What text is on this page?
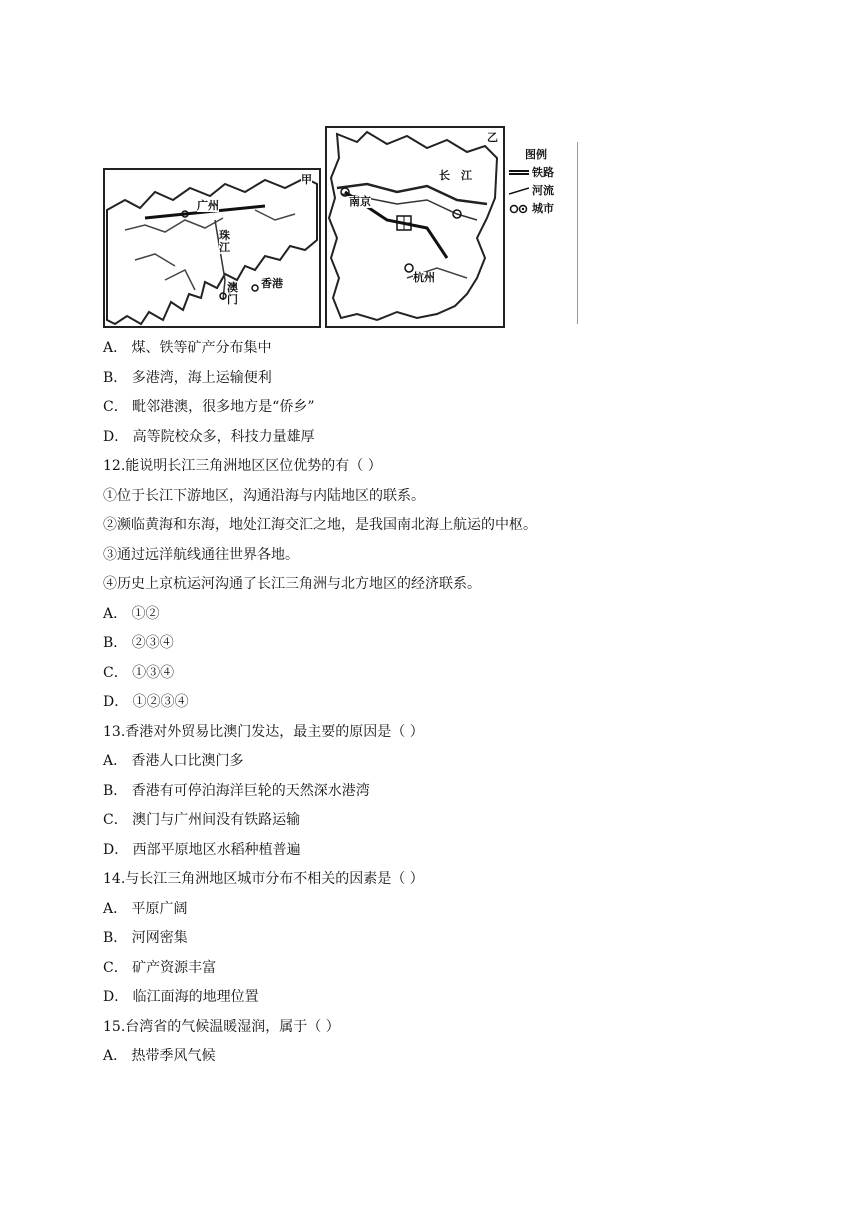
甲
广州
珠
江
香港
澳
门
乙
南京
长　江
杭州
图例
铁路
河流
城市
A． 煤、铁等矿产分布集中
B． 多港湾，海上运输便利
C． 毗邻港澳，很多地方是“侨乡”
D． 高等院校众多，科技力量雄厚
12.能说明长江三角洲地区区位优势的有（ ）
①位于长江下游地区，沟通沿海与内陆地区的联系。
②濒临黄海和东海，地处江海交汇之地，是我国南北海上航运的中枢。
③通过远洋航线通往世界各地。
④历史上京杭运河沟通了长江三角洲与北方地区的经济联系。
A． ①②
B． ②③④
C． ①③④
D． ①②③④
13.香港对外贸易比澳门发达，最主要的原因是（ ）
A． 香港人口比澳门多
B． 香港有可停泊海洋巨轮的天然深水港湾
C． 澳门与广州间没有铁路运输
D． 西部平原地区水稻种植普遍
14.与长江三角洲地区城市分布不相关的因素是（ ）
A． 平原广阔
B． 河网密集
C． 矿产资源丰富
D． 临江面海的地理位置
15.台湾省的气候温暖湿润，属于（ ）
A． 热带季风气候
